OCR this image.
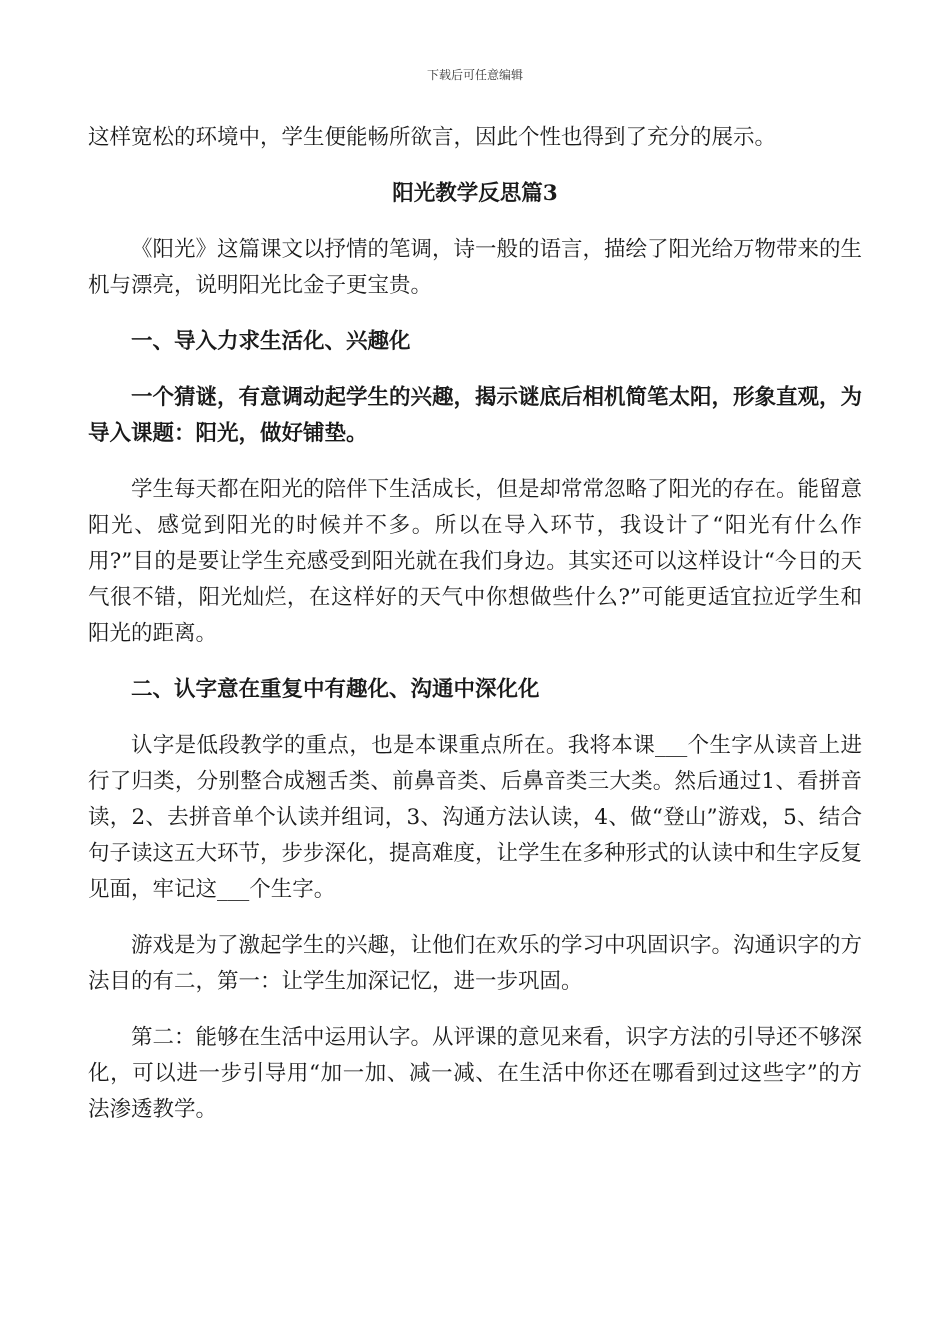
下载后可任意编辑

这样宽松的环境中，学生便能畅所欲言，因此个性也得到了充分的展示。

阳光教学反思篇3

《阳光》这篇课文以抒情的笔调，诗一般的语言，描绘了阳光给万物带来的生机与漂亮，说明阳光比金子更宝贵。

一、导入力求生活化、兴趣化

一个猜谜，有意调动起学生的兴趣，揭示谜底后相机简笔太阳，形象直观，为导入课题：阳光，做好铺垫。

学生每天都在阳光的陪伴下生活成长，但是却常常忽略了阳光的存在。能留意阳光、感觉到阳光的时候并不多。所以在导入环节，我设计了“阳光有什么作用?”目的是要让学生充感受到阳光就在我们身边。其实还可以这样设计“今日的天气很不错，阳光灿烂，在这样好的天气中你想做些什么?”可能更适宜拉近学生和阳光的距离。

二、认字意在重复中有趣化、沟通中深化化

认字是低段教学的重点，也是本课重点所在。我将本课___个生字从读音上进行了归类，分别整合成翘舌类、前鼻音类、后鼻音类三大类。然后通过1、看拼音读，2、去拼音单个认读并组词，3、沟通方法认读，4、做“登山”游戏，5、结合句子读这五大环节，步步深化，提高难度，让学生在多种形式的认读中和生字反复见面，牢记这___个生字。

游戏是为了激起学生的兴趣，让他们在欢乐的学习中巩固识字。沟通识字的方法目的有二，第一：让学生加深记忆，进一步巩固。

第二：能够在生活中运用认字。从评课的意见来看，识字方法的引导还不够深化，可以进一步引导用“加一加、减一减、在生活中你还在哪看到过这些字”的方法渗透教学。
